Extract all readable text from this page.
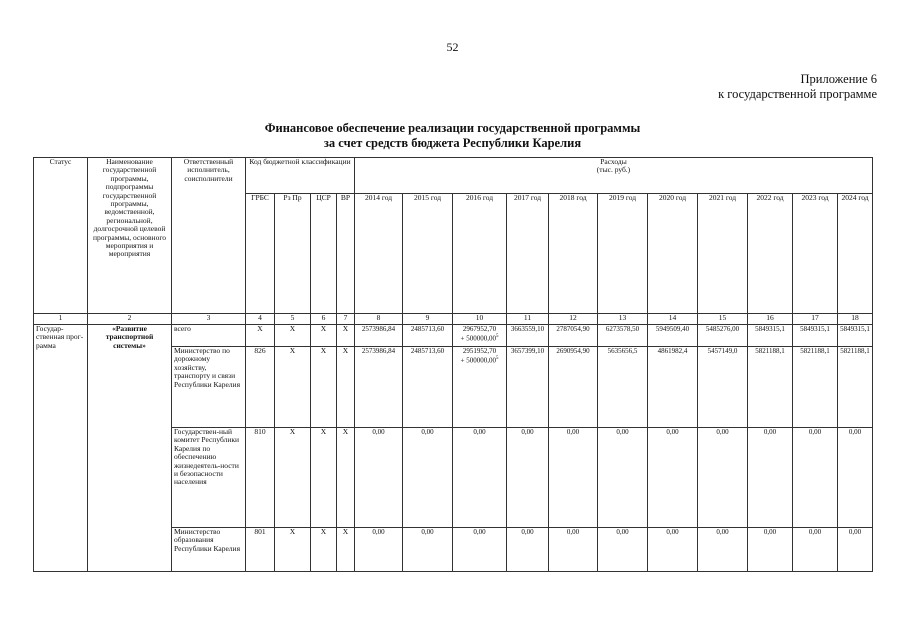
52
Приложение 6
к государственной программе
Финансовое обеспечение реализации государственной программы
за счет средств бюджета Республики Карелия
Статус	Наименование государственной программы, подпрограммы государственной программы, ведомственной, региональной, долгосрочной целевой программы, основного мероприятия и мероприятия	Ответственный исполнитель, соисполнители	Код бюджетной классификации				Расходы
(тыс. руб.)										

			ГРБС	Рз Пр	ЦСР	ВР	2014 год	2015 год	2016 год	2017 год	2018 год	2019 год	2020 год	2021 год	2022 год	2023 год	2024 год
1	2	3	4	5	6	7	8	9	10	11	12	13	14	15	16	17	18
Государ-ственная прог-рамма	«Развитие транспортной системы»	всего	Х	Х	Х	Х	2573986,84	2485713,60	2967952,70
+ $500000,00^5$	3663559,10	2787054,90	6273578,50	5949509,40	5485276,00	5849315,1	5849315,1	5849315,1
		Министерство по дорожному хозяйству, транспорту и связи Республики Карелия	826	Х	Х	Х	2573986,84	2485713,60	2951952,70
+ $500000,00^5$	3657399,10	2690954,90	5635656,5	4861982,4	5457149,0	5821188,1	5821188,1	5821188,1
		Государствен-ный комитет Республики Карелия по обеспечению жизнедеятель-ности и безопасности населения	810	Х	Х	Х	0,00	0,00	0,00	0,00	0,00	0,00	0,00	0,00	0,00	0,00	0,00
		Министерство образования Республики Карелия	801	Х	Х	Х	0,00	0,00	0,00	0,00	0,00	0,00	0,00	0,00	0,00	0,00	0,00
